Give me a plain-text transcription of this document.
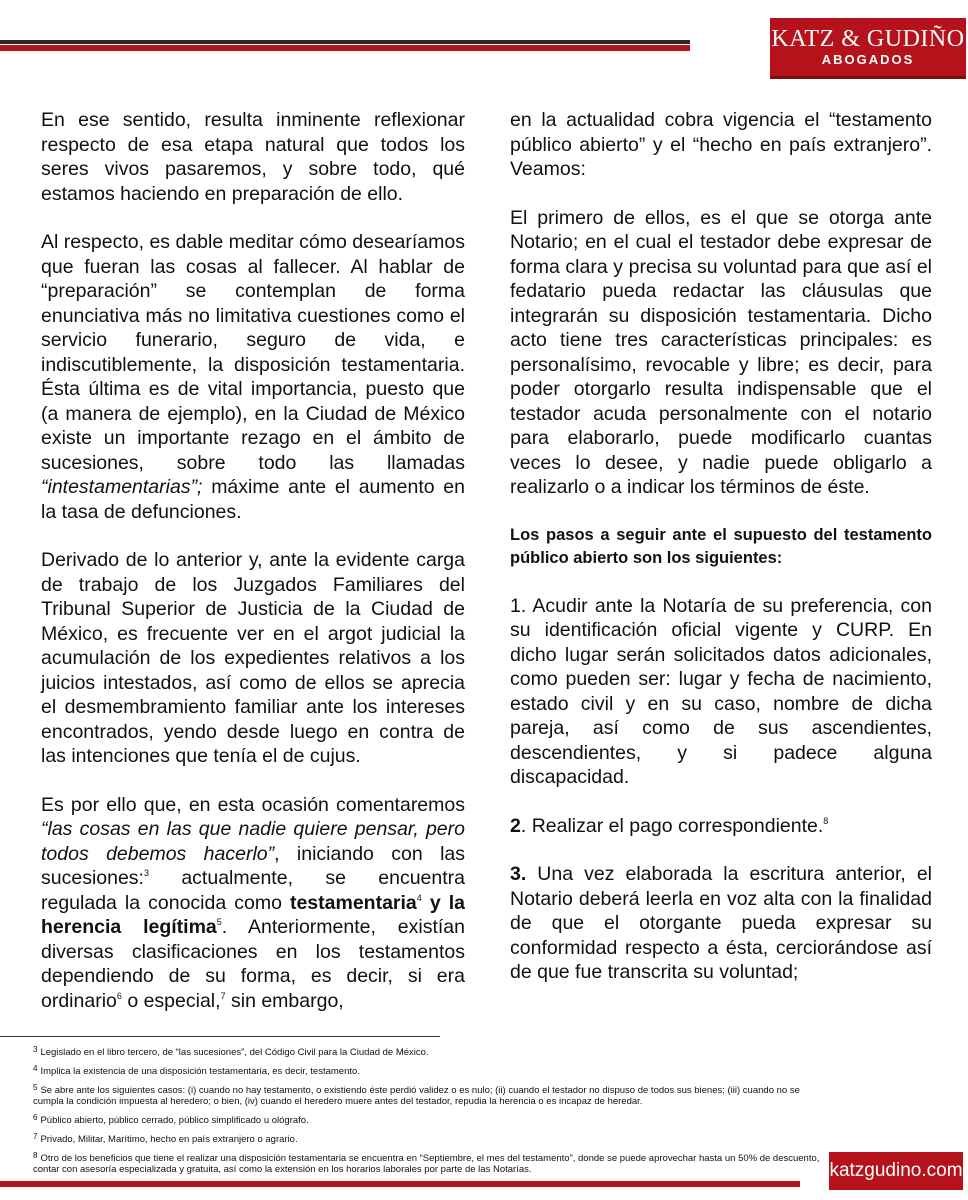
KATZ & GUDIÑO
ABOGADOS

En ese sentido, resulta inminente reflexionar respecto de esa etapa natural que todos los seres vivos pasaremos, y sobre todo, qué estamos haciendo en preparación de ello.

Al respecto, es dable meditar cómo desearíamos que fueran las cosas al fallecer. Al hablar de “preparación” se contemplan de forma enunciativa más no limitativa cuestiones como el servicio funerario, seguro de vida, e indiscutiblemente, la disposición testamentaria. Ésta última es de vital importancia, puesto que (a manera de ejemplo), en la Ciudad de México existe un importante rezago en el ámbito de sucesiones, sobre todo las llamadas “intestamentarias”; máxime ante el aumento en la tasa de defunciones.

Derivado de lo anterior y, ante la evidente carga de trabajo de los Juzgados Familiares del Tribunal Superior de Justicia de la Ciudad de México, es frecuente ver en el argot judicial la acumulación de los expedientes relativos a los juicios intestados, así como de ellos se aprecia el desmembramiento familiar ante los intereses encontrados, yendo desde luego en contra de las intenciones que tenía el de cujus.

Es por ello que, en esta ocasión comentaremos “las cosas en las que nadie quiere pensar, pero todos debemos hacerlo”, iniciando con las sucesiones:$^3$ actualmente, se encuentra regulada la conocida como testamentaria$^4$ y la herencia legítima$^5$. Anteriormente, existían diversas clasificaciones en los testamentos dependiendo de su forma, es decir, si era ordinario$^6$ o especial,$^7$ sin embargo,

en la actualidad cobra vigencia el “testamento público abierto” y el “hecho en país extranjero”. Veamos:

El primero de ellos, es el que se otorga ante Notario; en el cual el testador debe expresar de forma clara y precisa su voluntad para que así el fedatario pueda redactar las cláusulas que integrarán su disposición testamentaria. Dicho acto tiene tres características principales: es personalísimo, revocable y libre; es decir, para poder otorgarlo resulta indispensable que el testador acuda personalmente con el notario para elaborarlo, puede modificarlo cuantas veces lo desee, y nadie puede obligarlo a realizarlo o a indicar los términos de éste.

Los pasos a seguir ante el supuesto del testamento público abierto son los siguientes:

1. Acudir ante la Notaría de su preferencia, con su identificación oficial vigente y CURP. En dicho lugar serán solicitados datos adicionales, como pueden ser: lugar y fecha de nacimiento, estado civil y en su caso, nombre de dicha pareja, así como de sus ascendientes, descendientes, y si padece alguna discapacidad.

2. Realizar el pago correspondiente.$^8$

3. Una vez elaborada la escritura anterior, el Notario deberá leerla en voz alta con la finalidad de que el otorgante pueda expresar su conformidad respecto a ésta, cerciorándose así de que fue transcrita su voluntad;

$^3$ Legislado en el libro tercero, de “las sucesiones”, del Código Civil para la Ciudad de México.
$^4$ Implica la existencia de una disposición testamentaria, es decir, testamento.
$^5$ Se abre ante los siguientes casos: (i) cuando no hay testamento, o existiendo éste perdió validez o es nulo; (ii) cuando el testador no dispuso de todos sus bienes; (iii) cuando no se cumpla la condición impuesta al heredero; o bien, (iv) cuando el heredero muere antes del testador, repudia la herencia o es incapaz de heredar.
$^6$ Público abierto, público cerrado, público simplificado u ológrafo.
$^7$ Privado, Militar, Marítimo, hecho en país extranjero o agrario.
$^8$ Otro de los beneficios que tiene el realizar una disposición testamentaria se encuentra en “Septiembre, el mes del testamento”, donde se puede aprovechar hasta un 50% de descuento, contar con asesoría especializada y gratuita, así como la extensión en los horarios laborales por parte de las Notarías.	katzgudino.com
